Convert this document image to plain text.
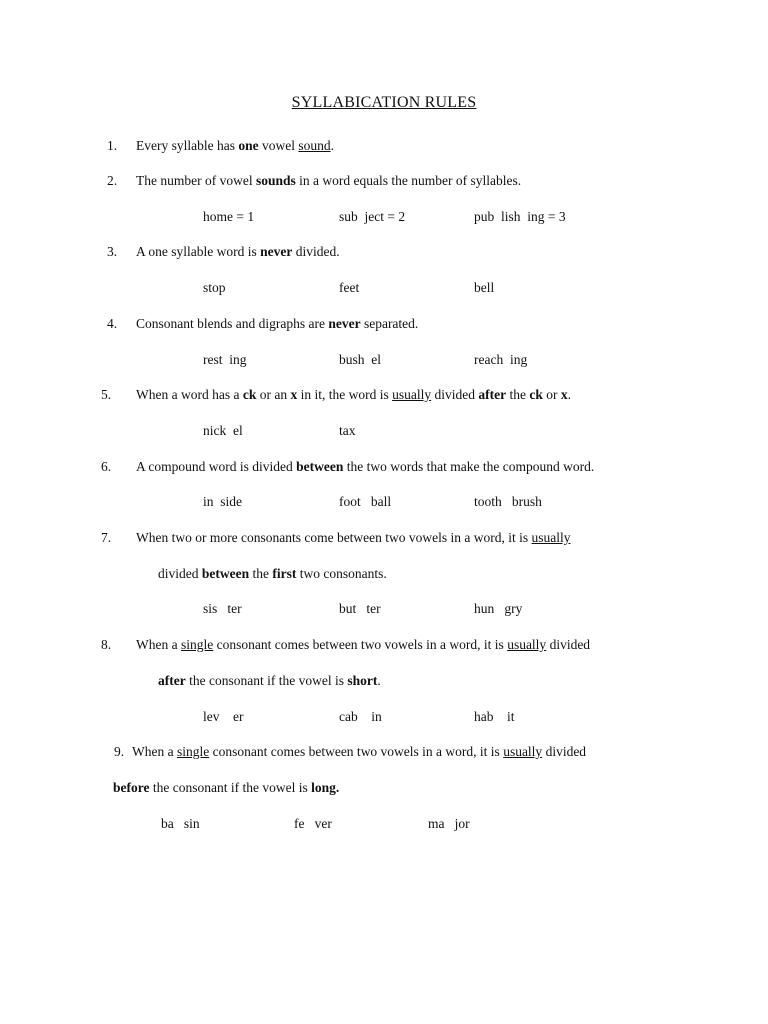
SYLLABICATION RULES
1. Every syllable has one vowel sound.
2. The number of vowel sounds in a word equals the number of syllables.
home = 1	sub  ject = 2	pub  lish  ing = 3
3. A one syllable word is never divided.
stop	feet	bell
4. Consonant blends and digraphs are never separated.
rest  ing	bush  el	reach  ing
5. When a word has a ck or an x in it, the word is usually divided after the ck or x.
nick  el	tax
6. A compound word is divided between the two words that make the compound word.
in  side	foot   ball	tooth   brush
7. When two or more consonants come between two vowels in a word, it is usually
divided between the first two consonants.
sis   ter	but   ter	hun   gry
8. When a single consonant comes between two vowels in a word, it is usually divided
after the consonant if the vowel is short.
lev    er	cab    in	hab    it
9. When a single consonant comes between two vowels in a word, it is usually divided
before the consonant if the vowel is long.
ba   sin	fe   ver	ma   jor
